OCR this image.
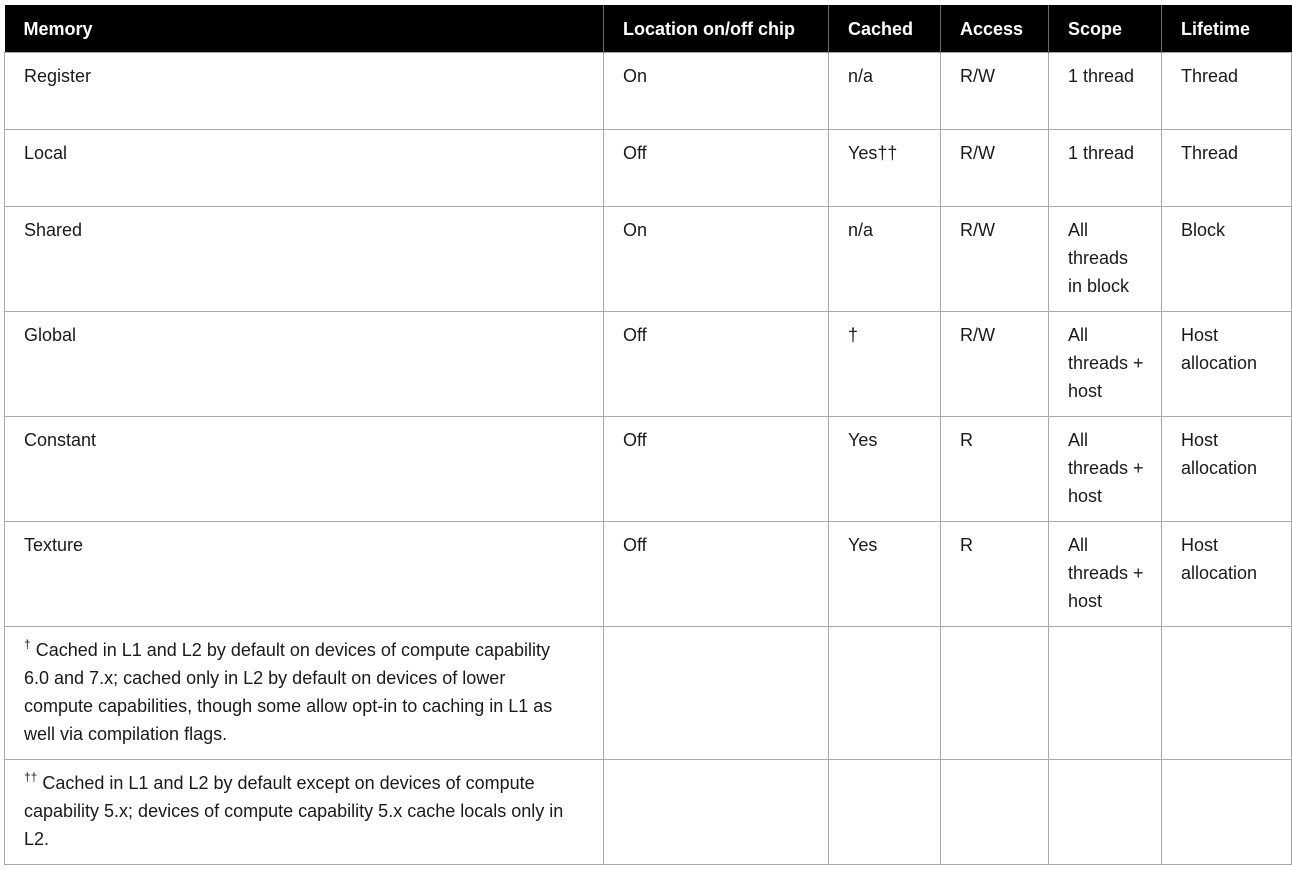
Memory	Location on/off chip	Cached	Access	Scope	Lifetime
Register	On	n/a	R/W	1 thread	Thread
Local	Off	Yes††	R/W	1 thread	Thread
Shared	On	n/a	R/W	All threads in block	Block
Global	Off	†	R/W	All threads + host	Host allocation
Constant	Off	Yes	R	All threads + host	Host allocation
Texture	Off	Yes	R	All threads + host	Host allocation
† Cached in L1 and L2 by default on devices of compute capability 6.0 and 7.x; cached only in L2 by default on devices of lower compute capabilities, though some allow opt-in to caching in L1 as well via compilation flags.					
†† Cached in L1 and L2 by default except on devices of compute capability 5.x; devices of compute capability 5.x cache locals only in L2.					
